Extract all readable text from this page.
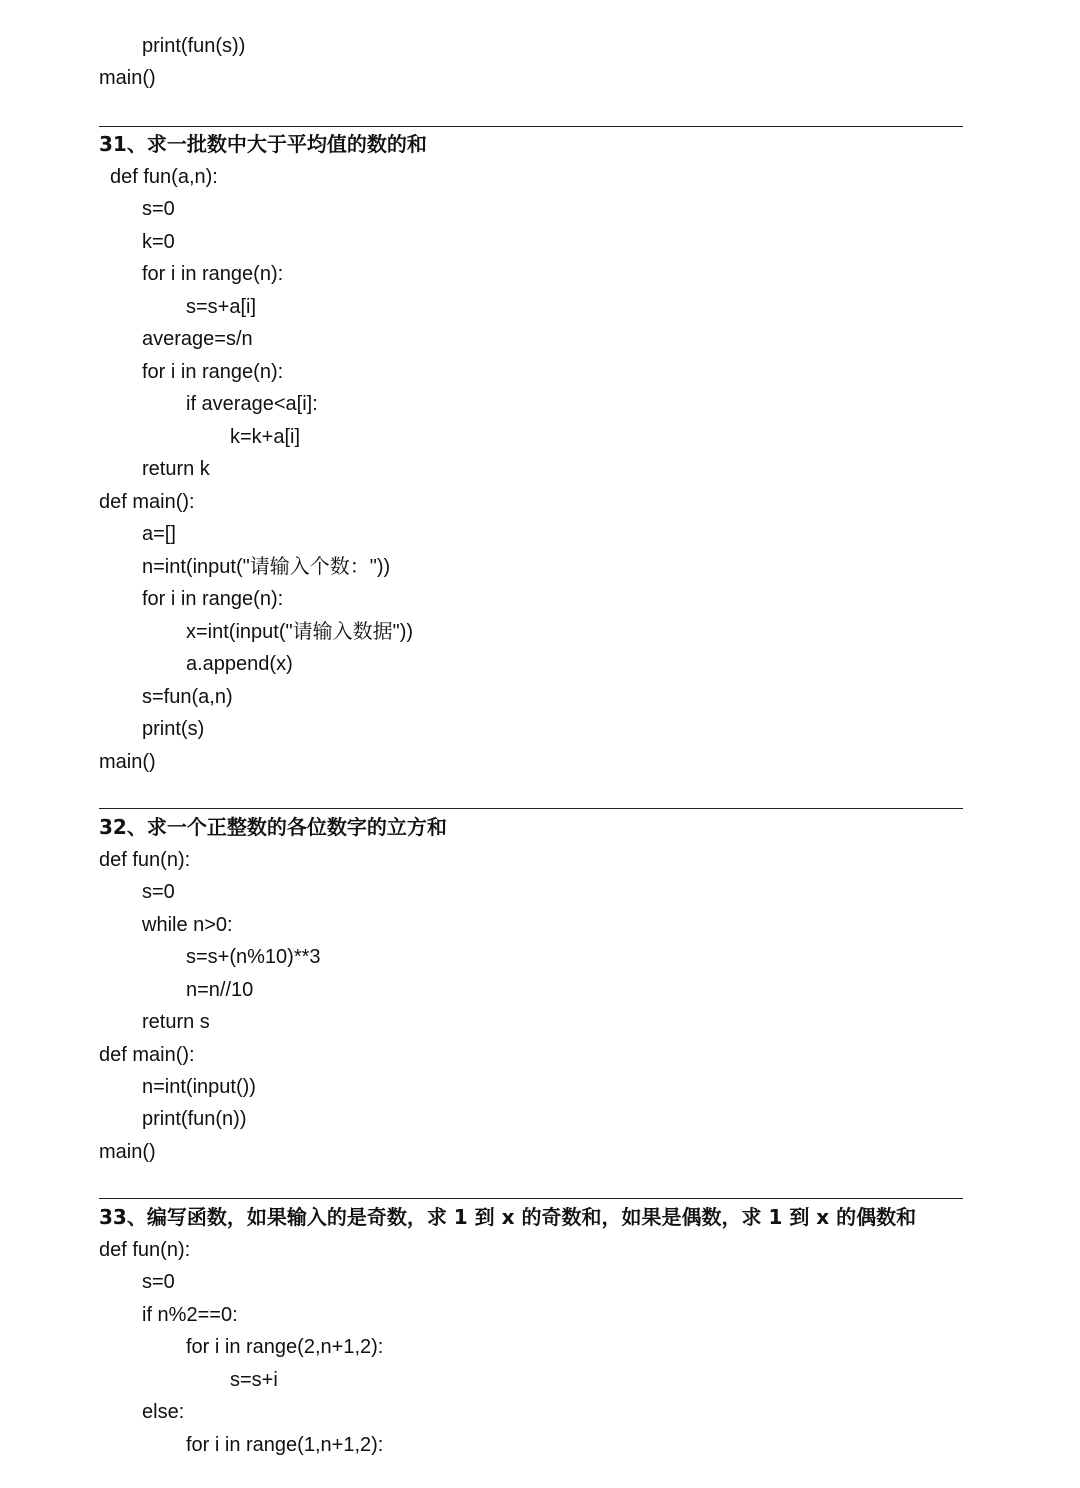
print(fun(s))
main()
31、求一批数中大于平均值的数的和
def fun(a,n):
s=0
k=0
for i in range(n):
s=s+a[i]
average=s/n
for i in range(n):
if average<a[i]:
k=k+a[i]
return k
def main():
a=[]
n=int(input("请输入个数："))
for i in range(n):
x=int(input("请输入数据"))
a.append(x)
s=fun(a,n)
print(s)
main()
32、求一个正整数的各位数字的立方和
def fun(n):
s=0
while n>0:
s=s+(n%10)**3
n=n//10
return s
def main():
n=int(input())
print(fun(n))
main()
33、编写函数，如果输入的是奇数，求 1 到 x 的奇数和，如果是偶数，求 1 到 x 的偶数和
def fun(n):
s=0
if n%2==0:
for i in range(2,n+1,2):
s=s+i
else:
for i in range(1,n+1,2):
